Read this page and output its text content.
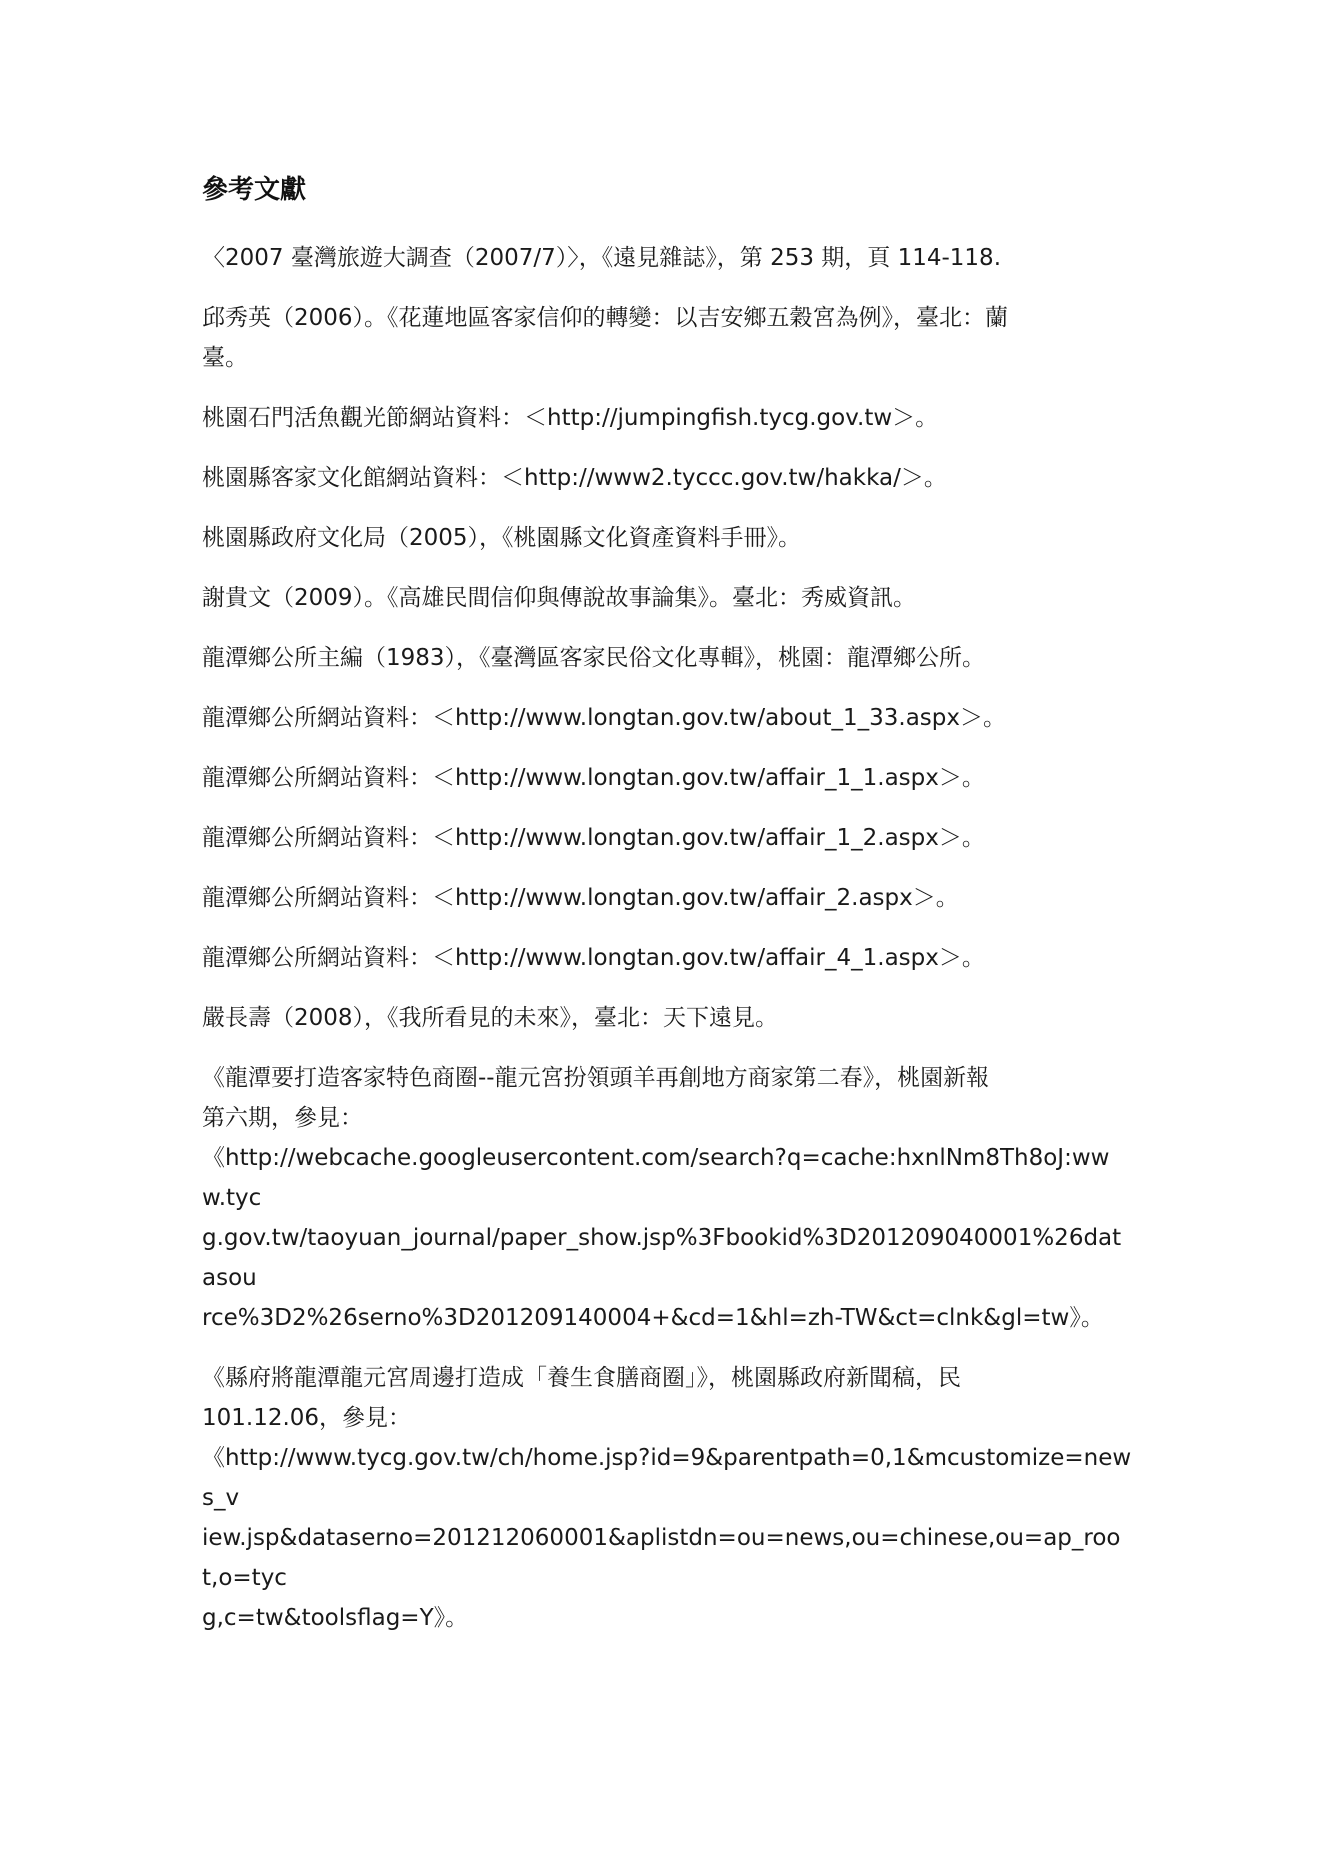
參考文獻
〈2007 臺灣旅遊大調查（2007/7）〉，《遠見雜誌》，第 253 期，頁 114-118.
邱秀英（2006）。《花蓮地區客家信仰的轉變：以吉安鄉五穀宮為例》，臺北：蘭
臺。
桃園石門活魚觀光節網站資料：＜http://jumpingfish.tycg.gov.tw＞。
桃園縣客家文化館網站資料：＜http://www2.tyccc.gov.tw/hakka/＞。
桃園縣政府文化局（2005），《桃園縣文化資產資料手冊》。
謝貴文（2009）。《高雄民間信仰與傳說故事論集》。臺北：秀威資訊。
龍潭鄉公所主編（1983），《臺灣區客家民俗文化專輯》，桃園：龍潭鄉公所。
龍潭鄉公所網站資料：＜http://www.longtan.gov.tw/about_1_33.aspx＞。
龍潭鄉公所網站資料：＜http://www.longtan.gov.tw/affair_1_1.aspx＞。
龍潭鄉公所網站資料：＜http://www.longtan.gov.tw/affair_1_2.aspx＞。
龍潭鄉公所網站資料：＜http://www.longtan.gov.tw/affair_2.aspx＞。
龍潭鄉公所網站資料：＜http://www.longtan.gov.tw/affair_4_1.aspx＞。
嚴長壽（2008），《我所看見的未來》，臺北：天下遠見。
《龍潭要打造客家特色商圈--龍元宮扮領頭羊再創地方商家第二春》，桃園新報
第六期，參見：
《http://webcache.googleusercontent.com/search?q=cache:hxnlNm8Th8oJ:www.tyc
g.gov.tw/taoyuan_journal/paper_show.jsp%3Fbookid%3D201209040001%26datasou
rce%3D2%26serno%3D201209140004+&cd=1&hl=zh-TW&ct=clnk&gl=tw》。
《縣府將龍潭龍元宮周邊打造成「養生食膳商圈」》，桃園縣政府新聞稿，民
101.12.06，參見：
《http://www.tycg.gov.tw/ch/home.jsp?id=9&parentpath=0,1&mcustomize=news_v
iew.jsp&dataserno=201212060001&aplistdn=ou=news,ou=chinese,ou=ap_root,o=tyc
g,c=tw&toolsflag=Y》。
